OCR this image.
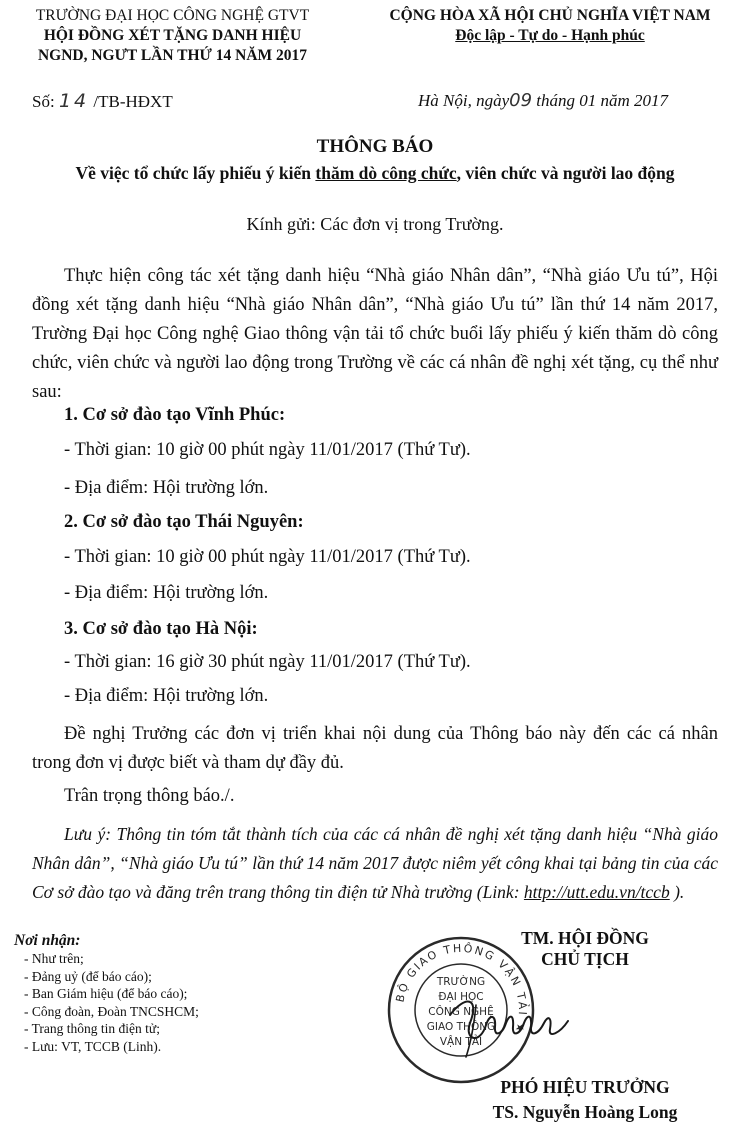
TRƯỜNG ĐẠI HỌC CÔNG NGHỆ GTVT
HỘI ĐỒNG XÉT TẶNG DANH HIỆU
NGND, NGƯT LẦN THỨ 14 NĂM 2017
CỘNG HÒA XÃ HỘI CHỦ NGHĨA VIỆT NAM
Độc lập - Tự do - Hạnh phúc
Số: 14 /TB-HĐXT	Hà Nội, ngày09 tháng 01 năm 2017
THÔNG BÁO
Về việc tổ chức lấy phiếu ý kiến thăm dò công chức, viên chức và người lao động
Kính gửi: Các đơn vị trong Trường.
Thực hiện công tác xét tặng danh hiệu “Nhà giáo Nhân dân”, “Nhà giáo Ưu tú”, Hội đồng xét tặng danh hiệu “Nhà giáo Nhân dân”, “Nhà giáo Ưu tú” lần thứ 14 năm 2017, Trường Đại học Công nghệ Giao thông vận tải tổ chức buổi lấy phiếu ý kiến thăm dò công chức, viên chức và người lao động trong Trường về các cá nhân đề nghị xét tặng, cụ thể như sau:
1. Cơ sở đào tạo Vĩnh Phúc:
- Thời gian: 10 giờ 00 phút ngày 11/01/2017 (Thứ Tư).
- Địa điểm: Hội trường lớn.
2. Cơ sở đào tạo Thái Nguyên:
- Thời gian: 10 giờ 00 phút ngày 11/01/2017 (Thứ Tư).
- Địa điểm: Hội trường lớn.
Đề nghị Trưởng các đơn vị triển khai nội dung của Thông báo này đến các cá nhân trong đơn vị được biết và tham dự đầy đủ.
Trân trọng thông báo./.
Lưu ý: Thông tin tóm tắt thành tích của các cá nhân đề nghị xét tặng danh hiệu “Nhà giáo Nhân dân”, “Nhà giáo Ưu tú” lần thứ 14 năm 2017 được niêm yết công khai tại bảng tin của các Cơ sở đào tạo và đăng trên trang thông tin điện tử Nhà trường (Link: http://utt.edu.vn/tccb ).
Nơi nhận:
- Như trên;
- Đảng uỷ (để báo cáo);
- Ban Giám hiệu (để báo cáo);
- Công đoàn, Đoàn TNCSHCM;
- Trang thông tin điện tử;
- Lưu: VT, TCCB (Linh).
BỘ GIAO THÔNG VẬN TẢI ★
TRƯỜNG
ĐẠI HỌC
CÔNG NGHỆ
GIAO THÔNG
VẬN TẢI
TM. HỘI ĐỒNG
CHỦ TỊCH
PHÓ HIỆU TRƯỞNG
TS. Nguyễn Hoàng Long
3. Cơ sở đào tạo Hà Nội:
- Thời gian: 16 giờ 30 phút ngày 11/01/2017 (Thứ Tư).
- Địa điểm: Hội trường lớn.
